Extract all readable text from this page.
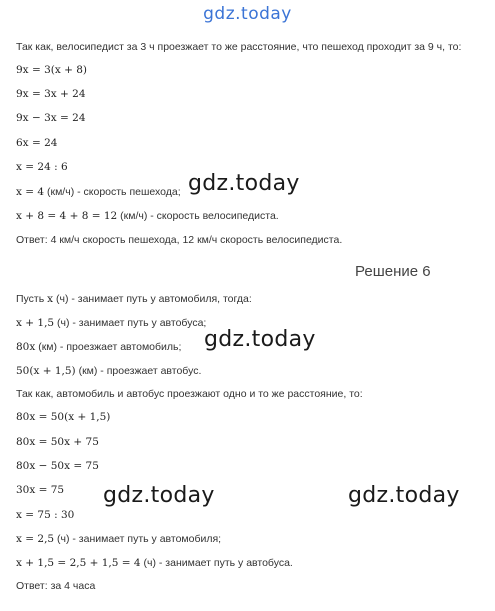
gdz.today
Так как, велосипедист за 3 ч проезжает то же расстояние, что пешеход проходит за 9 ч, то:
9x = 3(x + 8)
9x = 3x + 24
9x − 3x = 24
6x = 24
x = 24 : 6
x = 4 (км/ч) - скорость пешехода;
x + 8 = 4 + 8 = 12 (км/ч) - скорость велосипедиста.
Ответ: 4 км/ч скорость пешехода, 12 км/ч скорость велосипедиста.
Решение 6
Пусть x (ч) - занимает путь у автомобиля, тогда:
x + 1,5 (ч) - занимает путь у автобуса;
80x (км) - проезжает автомобиль;
50(x + 1,5) (км) - проезжает автобус.
Так как, автомобиль и автобус проезжают одно и то же расстояние, то:
80x = 50(x + 1,5)
80x = 50x + 75
80x − 50x = 75
30x = 75
x = 75 : 30
x = 2,5 (ч) - занимает путь у автомобиля;
x + 1,5 = 2,5 + 1,5 = 4 (ч) - занимает путь у автобуса.
Ответ: за 4 часа
gdz.today
gdz.today
gdz.today	gdz.today
